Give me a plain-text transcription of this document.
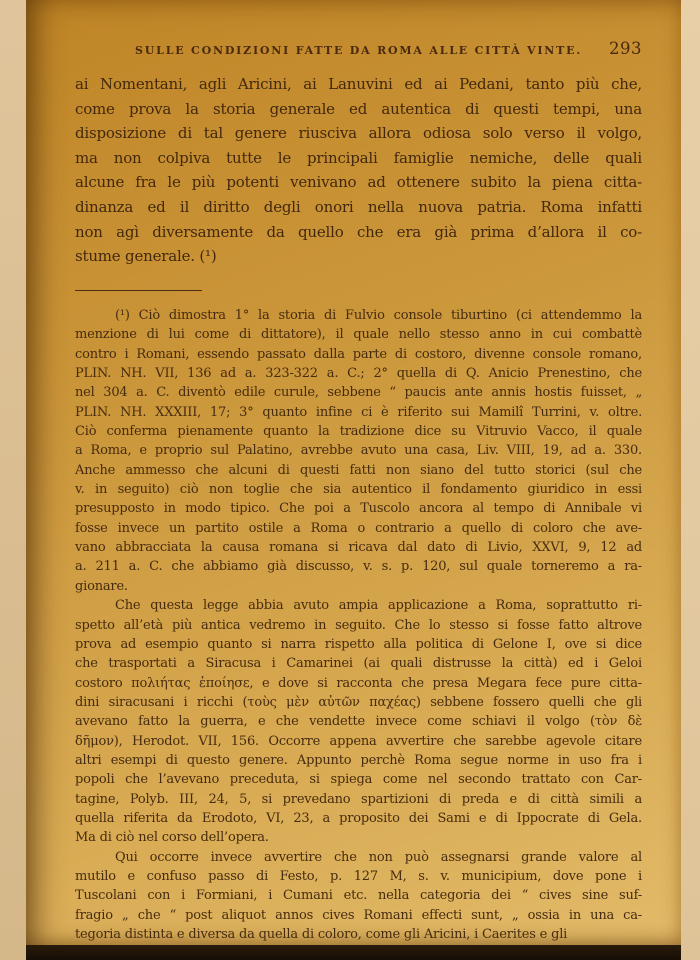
SULLE CONDIZIONI FATTE DA ROMA ALLE CITTÀ VINTE.	293
ai Nomentani, agli Aricini, ai Lanuvini ed ai Pedani, tanto più che,
come prova la storia generale ed autentica di questi tempi, una
disposizione di tal genere riusciva allora odiosa solo verso il volgo,
ma non colpiva tutte le principali famiglie nemiche, delle quali
alcune fra le più potenti venivano ad ottenere subito la piena citta-
dinanza ed il diritto degli onori nella nuova patria. Roma infatti
non agì diversamente da quello che era già prima d’allora il co-
stume generale. (¹)
(¹) Ciò dimostra 1° la storia di Fulvio console tiburtino (ci attendemmo la
menzione di lui come di dittatore), il quale nello stesso anno in cui combattè
contro i Romani, essendo passato dalla parte di costoro, divenne console romano,
PLIN. NH. VII, 136 ad a. 323-322 a. C.; 2° quella di Q. Anicio Prenestino, che
nel 304 a. C. diventò edile curule, sebbene “ paucis ante annis hostis fuisset, „
PLIN. NH. XXXIII, 17; 3° quanto infine ci è riferito sui Mamilî Turrini, v. oltre.
Ciò conferma pienamente quanto la tradizione dice su Vitruvio Vacco, il quale
a Roma, e proprio sul Palatino, avrebbe avuto una casa, Liv. VIII, 19, ad a. 330.
Anche ammesso che alcuni di questi fatti non siano del tutto storici (sul che
v. in seguito) ciò non toglie che sia autentico il fondamento giuridico in essi
presupposto in modo tipico. Che poi a Tuscolo ancora al tempo di Annibale vi
fosse invece un partito ostile a Roma o contrario a quello di coloro che ave-
vano abbracciata la causa romana si ricava dal dato di Livio, XXVI, 9, 12 ad
a. 211 a. C. che abbiamo già discusso, v. s. p. 120, sul quale torneremo a ra-
gionare.
Che questa legge abbia avuto ampia applicazione a Roma, soprattutto ri-
spetto all’età più antica vedremo in seguito. Che lo stesso si fosse fatto altrove
prova ad esempio quanto si narra rispetto alla politica di Gelone I, ove si dice
che trasportati a Siracusa i Camarinei (ai quali distrusse la città) ed i Geloi
costoro πολιήτας ἐποίησε, e dove si racconta che presa Megara fece pure citta-
dini siracusani i ricchi (τοὺς μὲν αὐτῶν παχέας) sebbene fossero quelli che gli
avevano fatto la guerra, e che vendette invece come schiavi il volgo (τὸν δὲ
δῆμον), Herodot. VII, 156. Occorre appena avvertire che sarebbe agevole citare
altri esempi di questo genere. Appunto perchè Roma segue norme in uso fra i
popoli che l’avevano preceduta, si spiega come nel secondo trattato con Car-
tagine, Polyb. III, 24, 5, si prevedano spartizioni di preda e di città simili a
quella riferita da Erodoto, VI, 23, a proposito dei Sami e di Ippocrate di Gela.
Ma di ciò nel corso dell’opera.
Qui occorre invece avvertire che non può assegnarsi grande valore al
mutilo e confuso passo di Festo, p. 127 M, s. v. municipium, dove pone i
Tuscolani con i Formiani, i Cumani etc. nella categoria dei “ cives sine suf-
fragio „ che “ post aliquot annos cives Romani effecti sunt, „ ossia in una ca-
tegoria distinta e diversa da quella di coloro, come gli Aricini, i Caerites e gli
